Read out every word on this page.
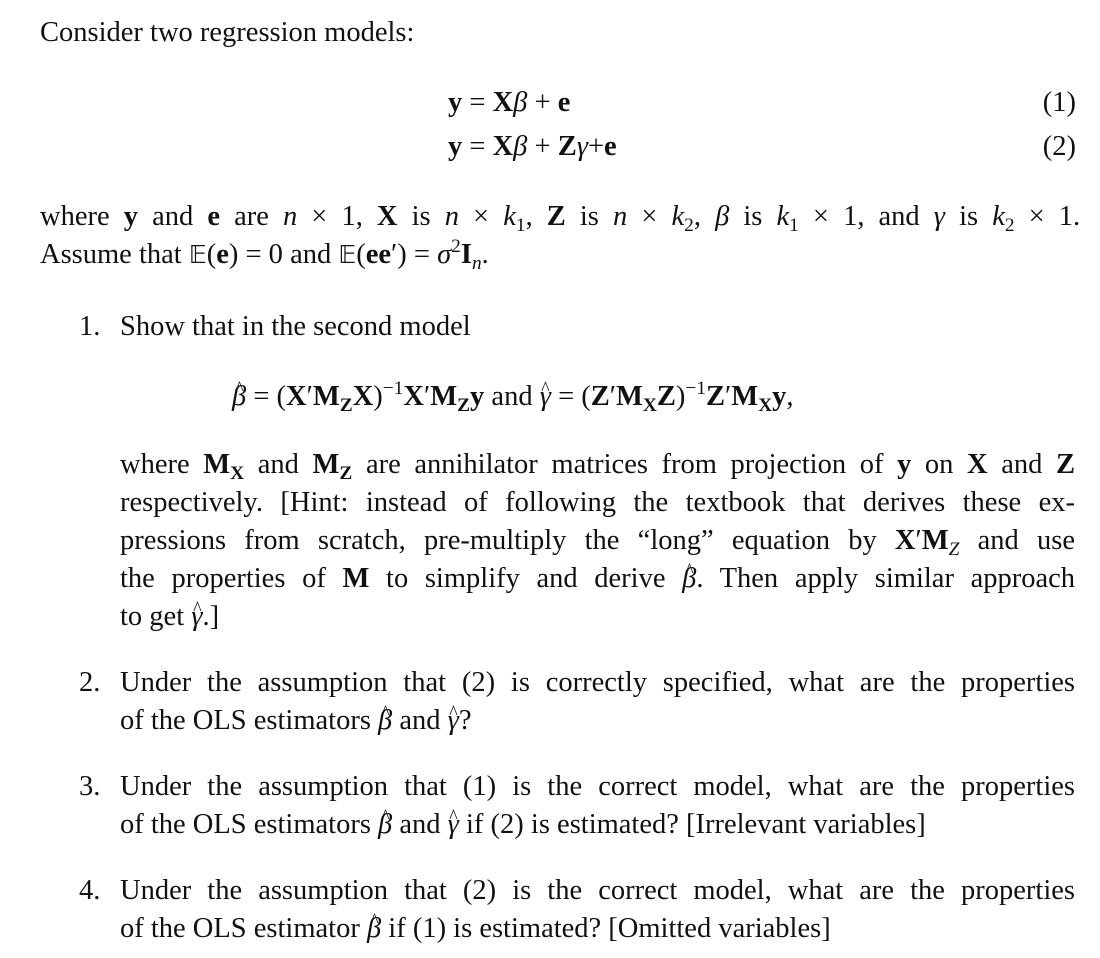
Consider two regression models:
y = Xβ + e	(1)
y = Xβ + Zγ+e	(2)
where y and e are n × 1, X is $n \times k_1$, Z is $n \times k_2$, β is $k_1 \times 1$, and γ is $k_2 \times 1$.
Assume that 𝔼(e) = 0 and 𝔼(ee′) = $\sigma^2I_n$.
1. Show that in the second model
^ $\beta = (X'M_ZX)^{-1}X'M_Zy$ and ^ $\gamma = (Z'M_XZ)^{-1}Z'M_Xy$,
where $M_X$ and $M_Z$ are annihilator matrices from projection of y on X and Z
respectively. [Hint: instead of following the textbook that derives these ex-
pressions from scratch, pre-multiply the “long” equation by $X'M_Z$ and use
the properties of M to simplify and derive ^ β. Then apply similar approach
to get ^ γ.]
2. Under the assumption that (2) is correctly specified, what are the properties
of the OLS estimators ^ β and ^ γ?
3. Under the assumption that (1) is the correct model, what are the properties
of the OLS estimators ^ β and ^ γ if (2) is estimated? [Irrelevant variables]
4. Under the assumption that (2) is the correct model, what are the properties
of the OLS estimator ^ β if (1) is estimated? [Omitted variables]
